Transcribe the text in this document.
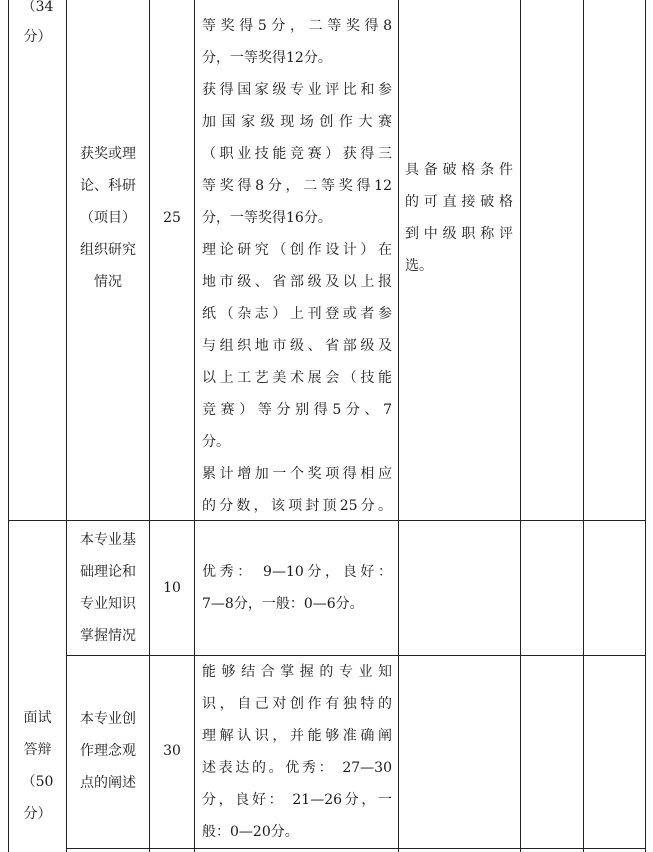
（34
分）
获奖或理
论、科研
（项目）
组织研究
情况
25
等奖得5分，二等奖得8
分，一等奖得12分。
获得国家级专业评比和参
加国家级现场创作大赛
（职业技能竞赛）获得三
等奖得8分，二等奖得12
分，一等奖得16分。
理论研究（创作设计）在
地市级、省部级及以上报
纸（杂志）上刊登或者参
与组织地市级、省部级及
以上工艺美术展会（技能
竞赛）等分别得5分、7
分。
累计增加一个奖项得相应
的分数，该项封顶25分。
具备破格条件
的可直接破格
到中级职称评
选。
面试
答辩
（50
分）
本专业基
础理论和
专业知识
掌握情况
10
优秀： 9—10分，良好：
7—8分，一般：0—6分。
本专业创
作理念观
点的阐述
30
能够结合掌握的专业知
识，自己对创作有独特的
理解认识，并能够准确阐
述表达的。优秀： 27—30
分，良好： 21—26分，一
般：0—20分。
